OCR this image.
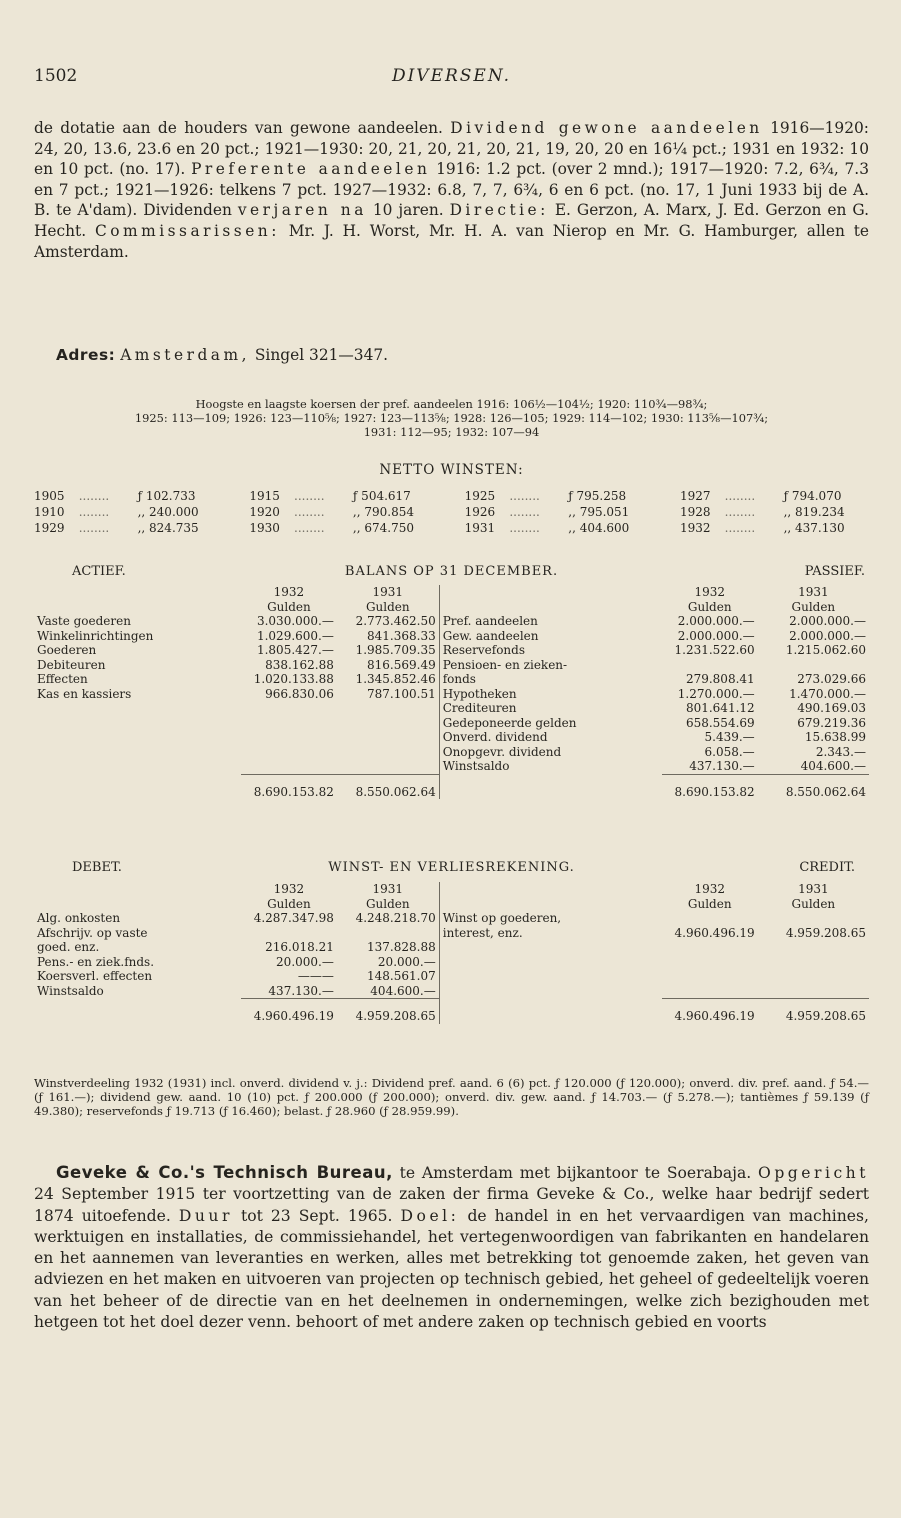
1502	DIVERSEN.
de dotatie aan de houders van gewone aandeelen. Dividend gewone aandeelen 1916—1920: 24, 20, 13.6, 23.6 en 20 pct.; 1921—1930: 20, 21, 20, 21, 20, 21, 19, 20, 20 en 16¼ pct.; 1931 en 1932: 10 en 10 pct. (no. 17). Preferente aandeelen 1916: 1.2 pct. (over 2 mnd.); 1917—1920: 7.2, 6¾, 7.3 en 7 pct.; 1921—1926: telkens 7 pct. 1927—1932: 6.8, 7, 7, 6¾, 6 en 6 pct. (no. 17, 1 Juni 1933 bij de A. B. te A'dam). Dividenden verjaren na 10 jaren. Directie: E. Gerzon, A. Marx, J. Ed. Gerzon en G. Hecht. Commissarissen: Mr. J. H. Worst, Mr. H. A. van Nierop en Mr. G. Hamburger, allen te Amsterdam.
Adres: Amsterdam, Singel 321—347.
Hoogste en laagste koersen der pref. aandeelen 1916: 106½—104½; 1920: 110¾—98¾;
1925: 113—109; 1926: 123—110⅝; 1927: 123—113⅝; 1928: 126—105; 1929: 114—102; 1930: 113⅝—107¾;
1931: 112—95; 1932: 107—94
NETTO WINSTEN:
1905	........	ƒ 102.733	1915	........	ƒ 504.617	1925	........	ƒ 795.258	1927	........	ƒ 794.070
1910	........	,, 240.000	1920	........	,, 790.854	1926	........	,, 795.051	1928	........	,, 819.234
1929	........	,, 824.735	1930	........	,, 674.750	1931	........	,, 404.600	1932	........	,, 437.130
ACTIEF.	BALANS OP 31 DECEMBER.	PASSIEF.
	1932	1931		1932	1931
	Gulden	Gulden		Gulden	Gulden
Vaste goederen	3.030.000.—	2.773.462.50	Pref. aandeelen	2.000.000.—	2.000.000.—
Winkelinrichtingen	1.029.600.—	841.368.33	Gew. aandeelen	2.000.000.—	2.000.000.—
Goederen	1.805.427.—	1.985.709.35	Reservefonds	1.231.522.60	1.215.062.60
Debiteuren	838.162.88	816.569.49	Pensioen- en zieken-		
Effecten	1.020.133.88	1.345.852.46	fonds	279.808.41	273.029.66
Kas en kassiers	966.830.06	787.100.51	Hypotheken	1.270.000.—	1.470.000.—
			Crediteuren	801.641.12	490.169.03
			Gedeponeerde gelden	658.554.69	679.219.36
			Onverd. dividend	5.439.—	15.638.99
			Onopgevr. dividend	6.058.—	2.343.—
			Winstsaldo	437.130.—	404.600.—
	8.690.153.82	8.550.062.64		8.690.153.82	8.550.062.64
DEBET.	WINST- EN VERLIESREKENING.	CREDIT.
	1932	1931		1932	1931
	Gulden	Gulden		Gulden	Gulden
Alg. onkosten	4.287.347.98	4.248.218.70	Winst op goederen,		
Afschrijv. op vaste			interest, enz.	4.960.496.19	4.959.208.65
goed. enz.	216.018.21	137.828.88			
Pens.- en ziek.fnds.	20.000.—	20.000.—			
Koersverl. effecten	———	148.561.07			
Winstsaldo	437.130.—	404.600.—			
	4.960.496.19	4.959.208.65		4.960.496.19	4.959.208.65
Winstverdeeling 1932 (1931) incl. onverd. dividend v. j.: Dividend pref. aand. 6 (6) pct. ƒ 120.000 (ƒ 120.000); onverd. div. pref. aand. ƒ 54.— (ƒ 161.—); dividend gew. aand. 10 (10) pct. ƒ 200.000 (ƒ 200.000); onverd. div. gew. aand. ƒ 14.703.— (ƒ 5.278.—); tantièmes ƒ 59.139 (ƒ 49.380); reservefonds ƒ 19.713 (ƒ 16.460); belast. ƒ 28.960 (ƒ 28.959.99).
Geveke & Co.'s Technisch Bureau, te Amsterdam met bijkantoor te Soerabaja. Opgericht 24 September 1915 ter voortzetting van de zaken der firma Geveke & Co., welke haar bedrijf sedert 1874 uitoefende. Duur tot 23 Sept. 1965. Doel: de handel in en het vervaardigen van machines, werktuigen en installaties, de commissiehandel, het vertegenwoordigen van fabrikanten en handelaren en het aannemen van leveranties en werken, alles met betrekking tot genoemde zaken, het geven van adviezen en het maken en uitvoeren van projecten op technisch gebied, het geheel of gedeeltelijk voeren van het beheer of de directie van en het deelnemen in ondernemingen, welke zich bezighouden met hetgeen tot het doel dezer venn. behoort of met andere zaken op technisch gebied en voorts
